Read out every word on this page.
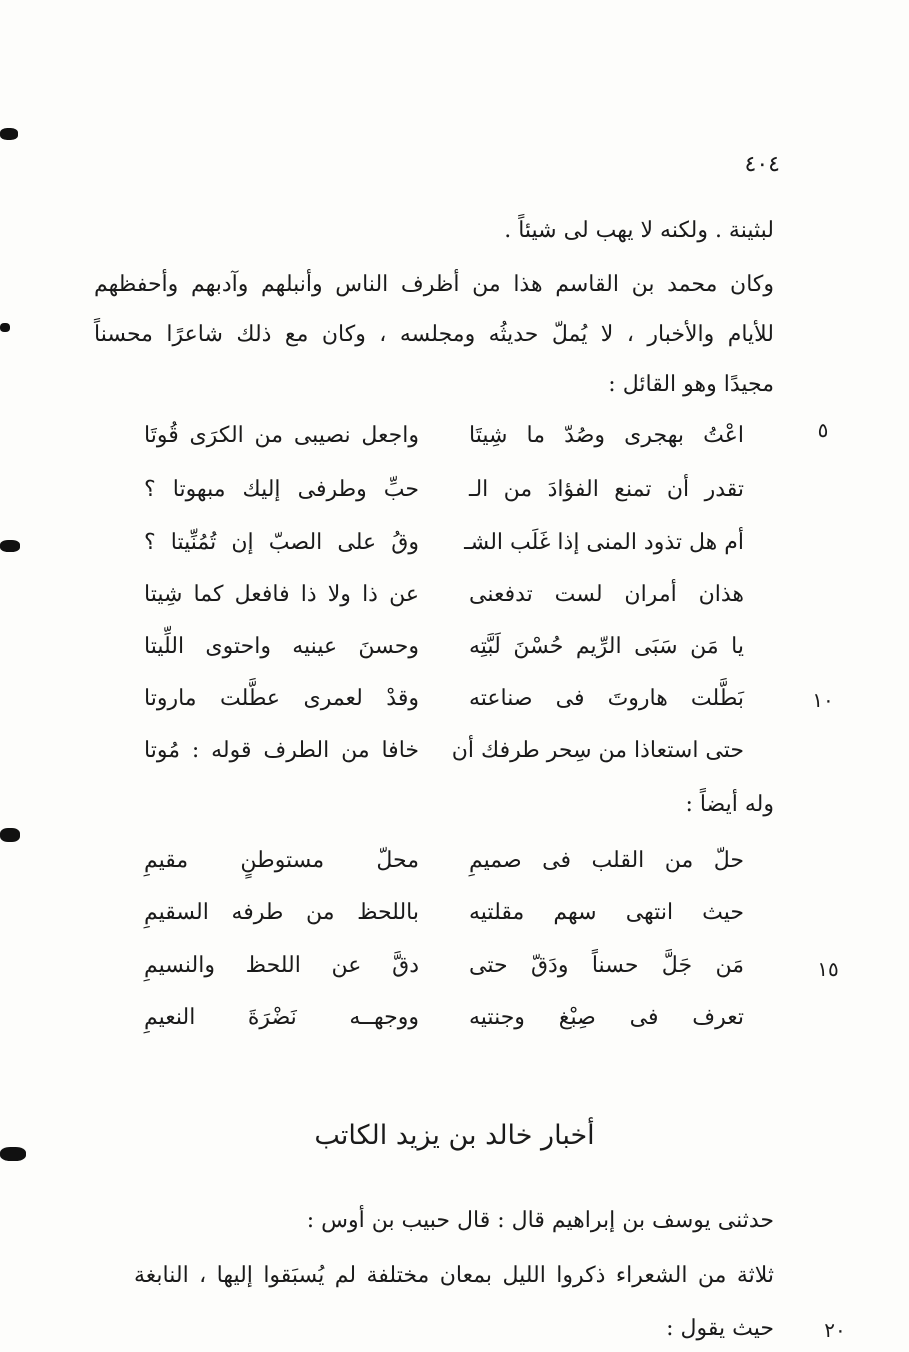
٤٠٤
لبثينة . ولكنه لا يهب لى شيئاً .
وكان محمد بن القاسم هذا من أظرف الناس وأنبلهم وآدبهم وأحفظهم
للأيام والأخبار ، لا يُملّ حديثُه ومجلسه ، وكان مع ذلك شاعرًا محسناً
مجيدًا وهو القائل :
٥
اعْتُ بهجرى وصُدّ ما شِيتَا
واجعل نصيبى من الكرَى قُوتَا
تقدر أن تمنع الفؤادَ من الـ
حبِّ وطرفى إليك مبهوتا ؟
أم هل تذود المنى إذا غَلَب الشـ
وقُ على الصبّ إن تُمُنِّيتا ؟
هذان أمران لست تدفعنى
عن ذا ولا ذا فافعل كما شِيتا
يا مَن سَبَى الرِّيم حُسْنَ لَبَّتِه
وحسنَ عينيه واحتوى اللِّيتا
١٠
بَطَّلت هاروتَ فى صناعته
وقدْ لعمرى عطَّلت ماروتا
حتى استعاذا من سِحر طرفك أن
خافا من الطرف قوله : مُوتا
وله أيضاً :
حلّ من القلب فى صميمِ
محلّ مستوطنٍ مقيمِ
حيث انتهى سهم مقلتيه
باللحظ من طرفه السقيمِ
١٥
مَن جَلَّ حسناً ودَقّ حتى
دقَّ عن اللحظ والنسيمِ
تعرف فى صِبْغ وجنتيه
ووجهــه نَضْرَةَ النعيمِ
أخبار خالد بن يزيد الكاتب
حدثنى يوسف بن إبراهيم قال : قال حبيب بن أوس :
ثلاثة من الشعراء ذكروا الليل بمعان مختلفة لم يُسبَقوا إليها ، النابغة
٢٠
حيث يقول :
